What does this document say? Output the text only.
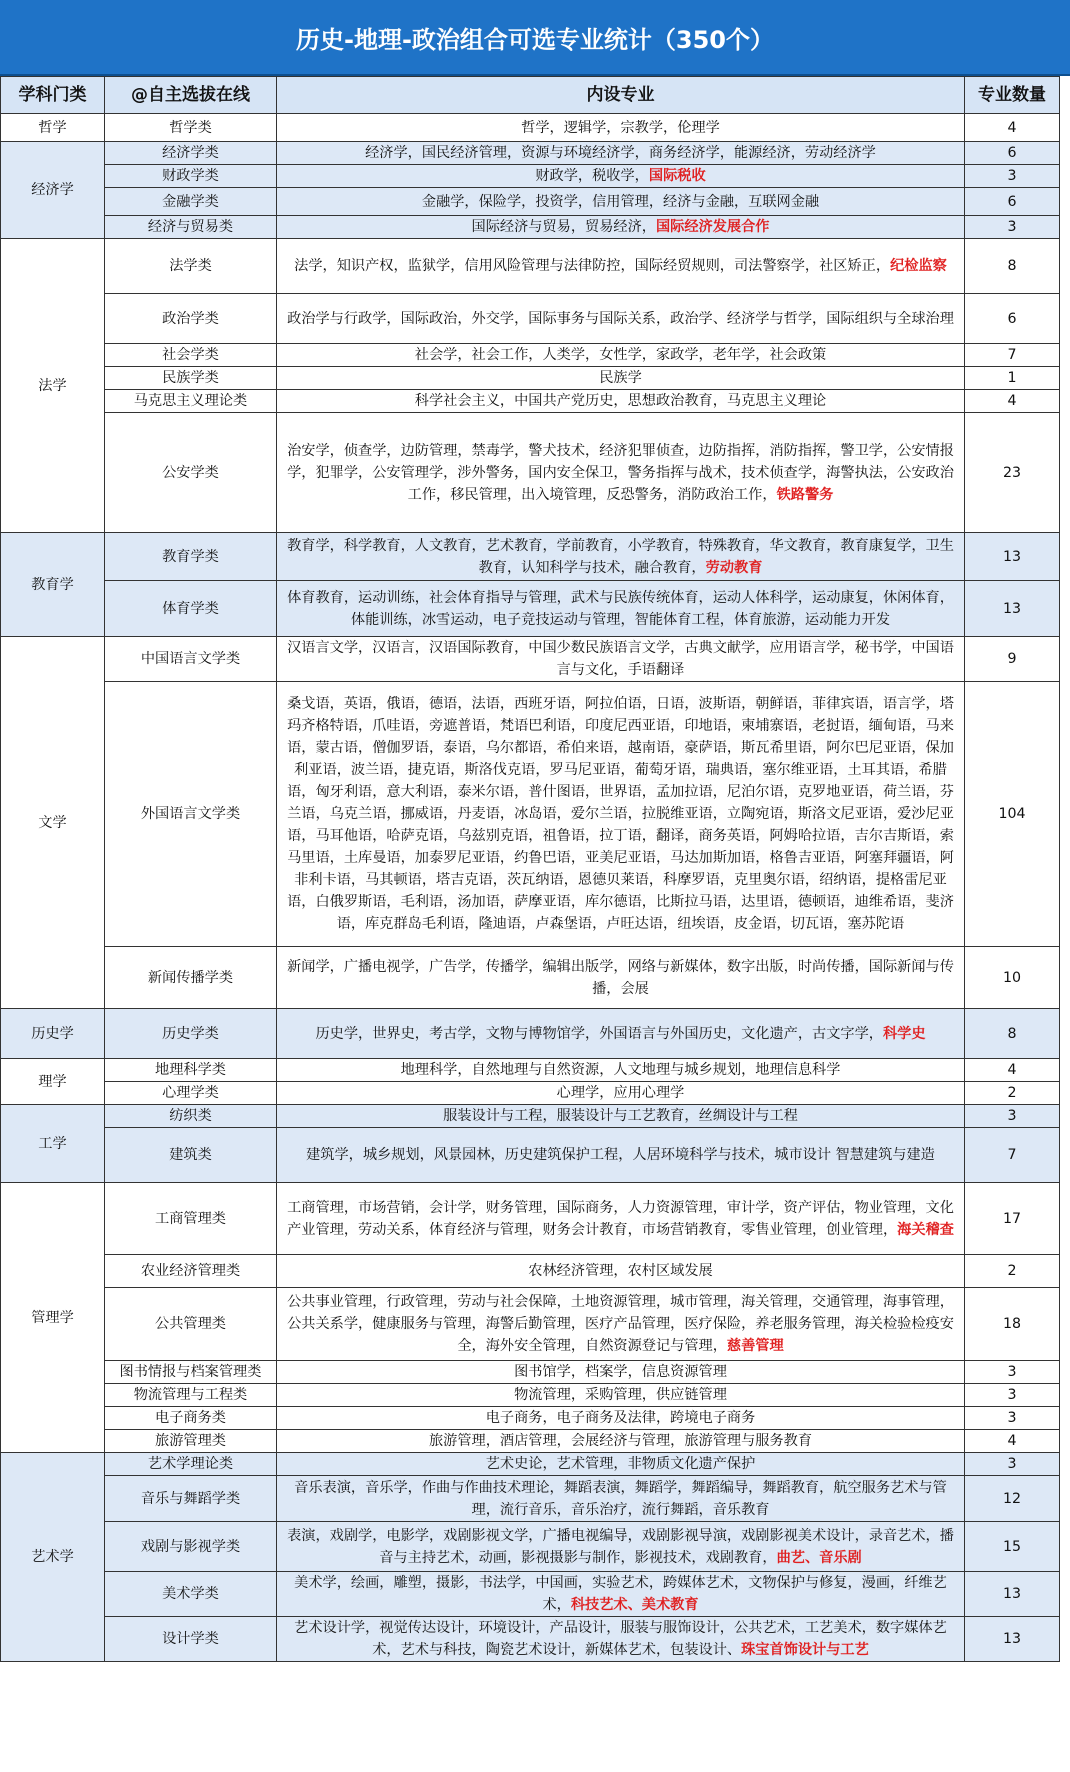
历史-地理-政治组合可选专业统计（350个）
学科门类	@自主选拔在线	内设专业	专业数量
哲学	哲学类	哲学，逻辑学，宗教学，伦理学	4
经济学	经济学类	经济学，国民经济管理，资源与环境经济学，商务经济学，能源经济，劳动经济学	6
	财政学类	财政学，税收学，国际税收	3
	金融学类	金融学，保险学，投资学，信用管理，经济与金融，互联网金融	6
	经济与贸易类	国际经济与贸易，贸易经济，国际经济发展合作	3
法学	法学类	法学，知识产权，监狱学，信用风险管理与法律防控，国际经贸规则，司法警察学，社区矫正，纪检监察	8
	政治学类	政治学与行政学，国际政治，外交学，国际事务与国际关系，政治学、经济学与哲学，国际组织与全球治理	6
	社会学类	社会学，社会工作，人类学，女性学，家政学，老年学，社会政策	7
	民族学类	民族学	1
	马克思主义理论类	科学社会主义，中国共产党历史，思想政治教育，马克思主义理论	4
	公安学类	治安学，侦查学，边防管理，禁毒学，警犬技术，经济犯罪侦查，边防指挥，消防指挥，警卫学，公安情报学，犯罪学，公安管理学，涉外警务，国内安全保卫，警务指挥与战术，技术侦查学，海警执法，公安政治工作，移民管理，出入境管理，反恐警务，消防政治工作，铁路警务	23
教育学	教育学类	教育学，科学教育，人文教育，艺术教育，学前教育，小学教育，特殊教育，华文教育，教育康复学，卫生教育，认知科学与技术，融合教育，劳动教育	13
	体育学类	体育教育，运动训练，社会体育指导与管理，武术与民族传统体育，运动人体科学，运动康复，休闲体育，体能训练，冰雪运动，电子竞技运动与管理，智能体育工程，体育旅游，运动能力开发	13
文学	中国语言文学类	汉语言文学，汉语言，汉语国际教育，中国少数民族语言文学，古典文献学，应用语言学，秘书学，中国语言与文化，手语翻译	9
	外国语言文学类	桑戈语，英语，俄语，德语，法语，西班牙语，阿拉伯语，日语，波斯语，朝鲜语，菲律宾语，语言学，塔玛齐格特语，爪哇语，旁遮普语，梵语巴利语，印度尼西亚语，印地语，柬埔寨语，老挝语，缅甸语，马来语，蒙古语，僧伽罗语，泰语，乌尔都语，希伯来语，越南语，豪萨语，斯瓦希里语，阿尔巴尼亚语，保加利亚语，波兰语，捷克语，斯洛伐克语，罗马尼亚语，葡萄牙语，瑞典语，塞尔维亚语，土耳其语，希腊语，匈牙利语，意大利语，泰米尔语，普什图语，世界语，孟加拉语，尼泊尔语，克罗地亚语，荷兰语，芬兰语，乌克兰语，挪威语，丹麦语，冰岛语，爱尔兰语，拉脱维亚语，立陶宛语，斯洛文尼亚语，爱沙尼亚语，马耳他语，哈萨克语，乌兹别克语，祖鲁语，拉丁语，翻译，商务英语，阿姆哈拉语，吉尔吉斯语，索马里语，土库曼语，加泰罗尼亚语，约鲁巴语，亚美尼亚语，马达加斯加语，格鲁吉亚语，阿塞拜疆语，阿非利卡语，马其顿语，塔吉克语，茨瓦纳语，恩德贝莱语，科摩罗语，克里奥尔语，绍纳语，提格雷尼亚语，白俄罗斯语，毛利语，汤加语，萨摩亚语，库尔德语，比斯拉马语，达里语，德顿语，迪维希语，斐济语，库克群岛毛利语，隆迪语，卢森堡语，卢旺达语，纽埃语，皮金语，切瓦语，塞苏陀语	104
	新闻传播学类	新闻学，广播电视学，广告学，传播学，编辑出版学，网络与新媒体，数字出版，时尚传播，国际新闻与传播，会展	10
历史学	历史学类	历史学，世界史，考古学，文物与博物馆学，外国语言与外国历史，文化遗产，古文字学，科学史	8
理学	地理科学类	地理科学，自然地理与自然资源，人文地理与城乡规划，地理信息科学	4
	心理学类	心理学，应用心理学	2
工学	纺织类	服装设计与工程，服装设计与工艺教育，丝绸设计与工程	3
	建筑类	建筑学，城乡规划，风景园林，历史建筑保护工程，人居环境科学与技术，城市设计 智慧建筑与建造	7
管理学	工商管理类	工商管理，市场营销，会计学，财务管理，国际商务，人力资源管理，审计学，资产评估，物业管理，文化产业管理，劳动关系，体育经济与管理，财务会计教育，市场营销教育，零售业管理，创业管理，海关稽查	17
	农业经济管理类	农林经济管理，农村区域发展	2
	公共管理类	公共事业管理，行政管理，劳动与社会保障，土地资源管理，城市管理，海关管理，交通管理，海事管理，公共关系学，健康服务与管理，海警后勤管理，医疗产品管理，医疗保险，养老服务管理，海关检验检疫安全，海外安全管理，自然资源登记与管理，慈善管理	18
	图书情报与档案管理类	图书馆学，档案学，信息资源管理	3
	物流管理与工程类	物流管理，采购管理，供应链管理	3
	电子商务类	电子商务，电子商务及法律，跨境电子商务	3
	旅游管理类	旅游管理，酒店管理，会展经济与管理，旅游管理与服务教育	4
艺术学	艺术学理论类	艺术史论，艺术管理，非物质文化遗产保护	3
	音乐与舞蹈学类	音乐表演，音乐学，作曲与作曲技术理论，舞蹈表演，舞蹈学，舞蹈编导，舞蹈教育，航空服务艺术与管理，流行音乐，音乐治疗，流行舞蹈，音乐教育	12
	戏剧与影视学类	表演，戏剧学，电影学，戏剧影视文学，广播电视编导，戏剧影视导演，戏剧影视美术设计，录音艺术，播音与主持艺术，动画，影视摄影与制作，影视技术，戏剧教育，曲艺、音乐剧	15
	美术学类	美术学，绘画，雕塑，摄影，书法学，中国画，实验艺术，跨媒体艺术，文物保护与修复，漫画，纤维艺术，科技艺术、美术教育	13
	设计学类	艺术设计学，视觉传达设计，环境设计，产品设计，服装与服饰设计，公共艺术，工艺美术，数字媒体艺术，艺术与科技，陶瓷艺术设计，新媒体艺术，包装设计、珠宝首饰设计与工艺	13
